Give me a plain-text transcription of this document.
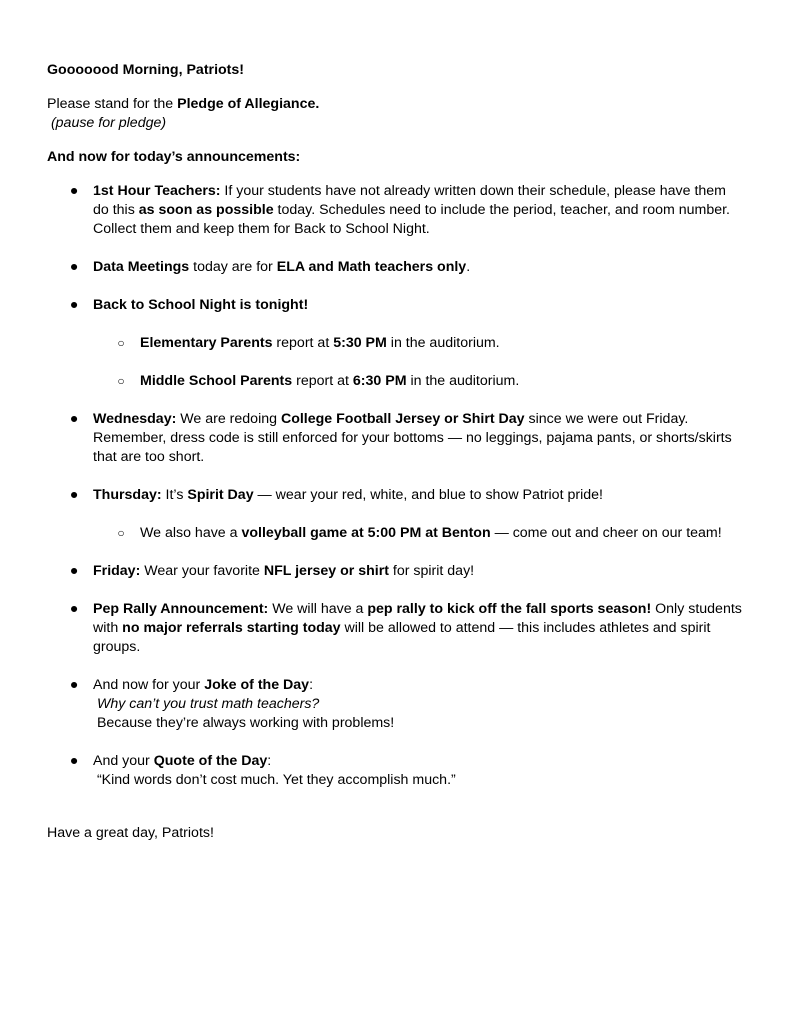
Gooooood Morning, Patriots!
Please stand for the Pledge of Allegiance.
(pause for pledge)
And now for today’s announcements:
● 1st Hour Teachers: If your students have not already written down their schedule, please have them
do this as soon as possible today. Schedules need to include the period, teacher, and room number.
Collect them and keep them for Back to School Night.
● Data Meetings today are for ELA and Math teachers only.
● Back to School Night is tonight!
○ Elementary Parents report at 5:30 PM in the auditorium.
○ Middle School Parents report at 6:30 PM in the auditorium.
● Wednesday: We are redoing College Football Jersey or Shirt Day since we were out Friday.
Remember, dress code is still enforced for your bottoms — no leggings, pajama pants, or shorts/skirts
that are too short.
● Thursday: It’s Spirit Day — wear your red, white, and blue to show Patriot pride!
○ We also have a volleyball game at 5:00 PM at Benton — come out and cheer on our team!
● Friday: Wear your favorite NFL jersey or shirt for spirit day!
● Pep Rally Announcement: We will have a pep rally to kick off the fall sports season! Only students
with no major referrals starting today will be allowed to attend — this includes athletes and spirit
groups.
● And now for your Joke of the Day:
Why can’t you trust math teachers?
Because they’re always working with problems!
● And your Quote of the Day:
“Kind words don’t cost much. Yet they accomplish much.”
Have a great day, Patriots!
